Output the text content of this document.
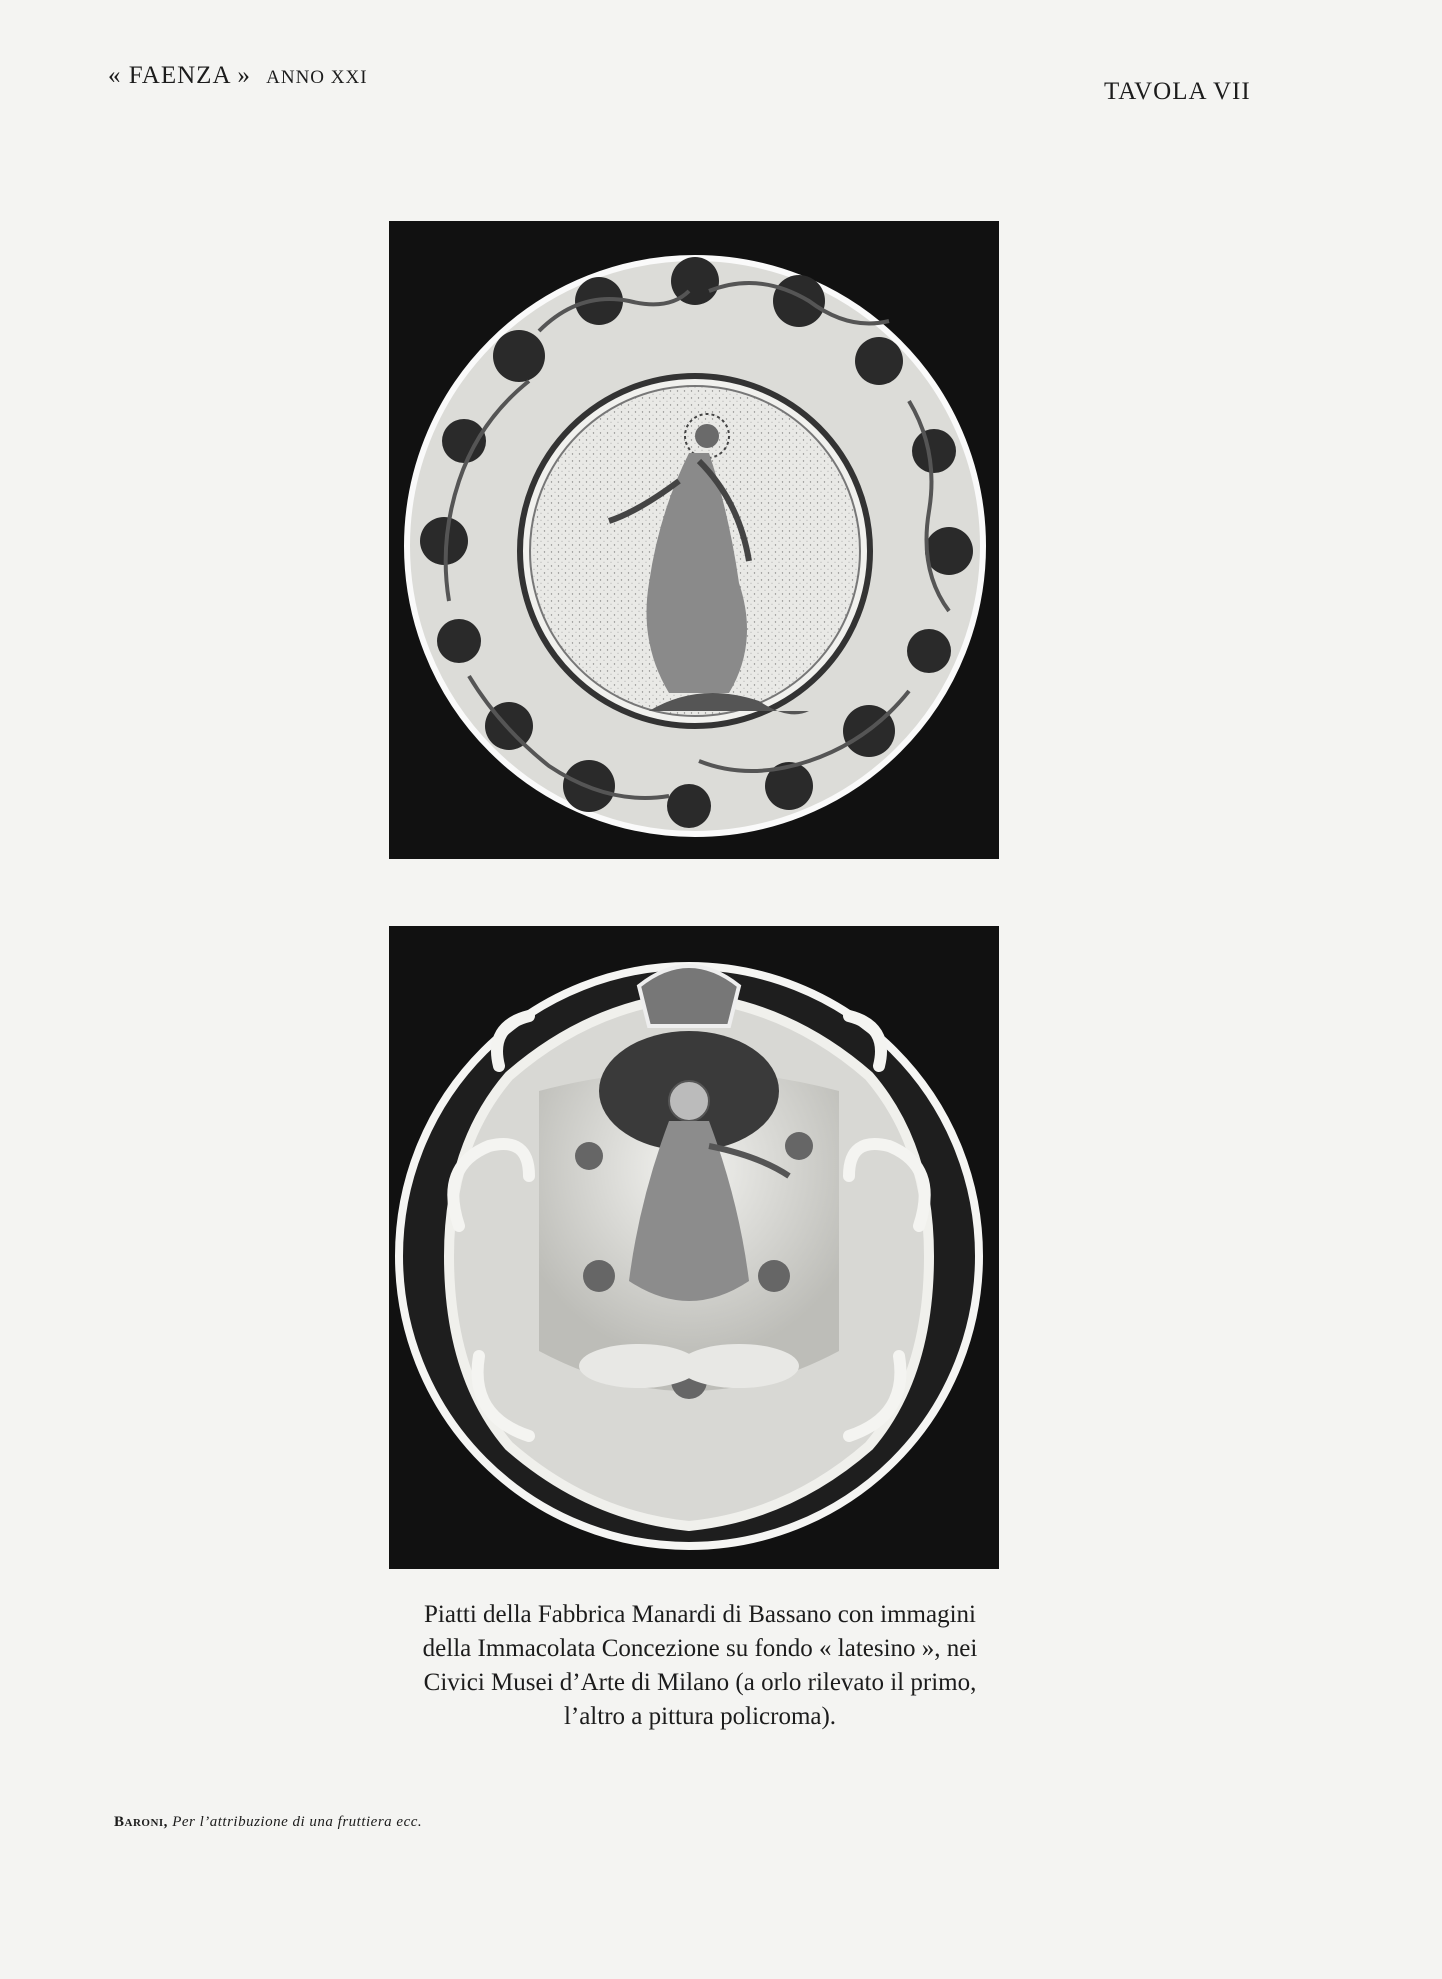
« FAENZA » ANNO XXI
TAVOLA VII
Piatti della Fabbrica Manardi di Bassano con immagini
della Immacolata Concezione su fondo « latesino », nei
Civici Musei d’Arte di Milano (a orlo rilevato il primo,
l’altro a pittura policroma).
Baroni, Per l’attribuzione di una fruttiera ecc.
